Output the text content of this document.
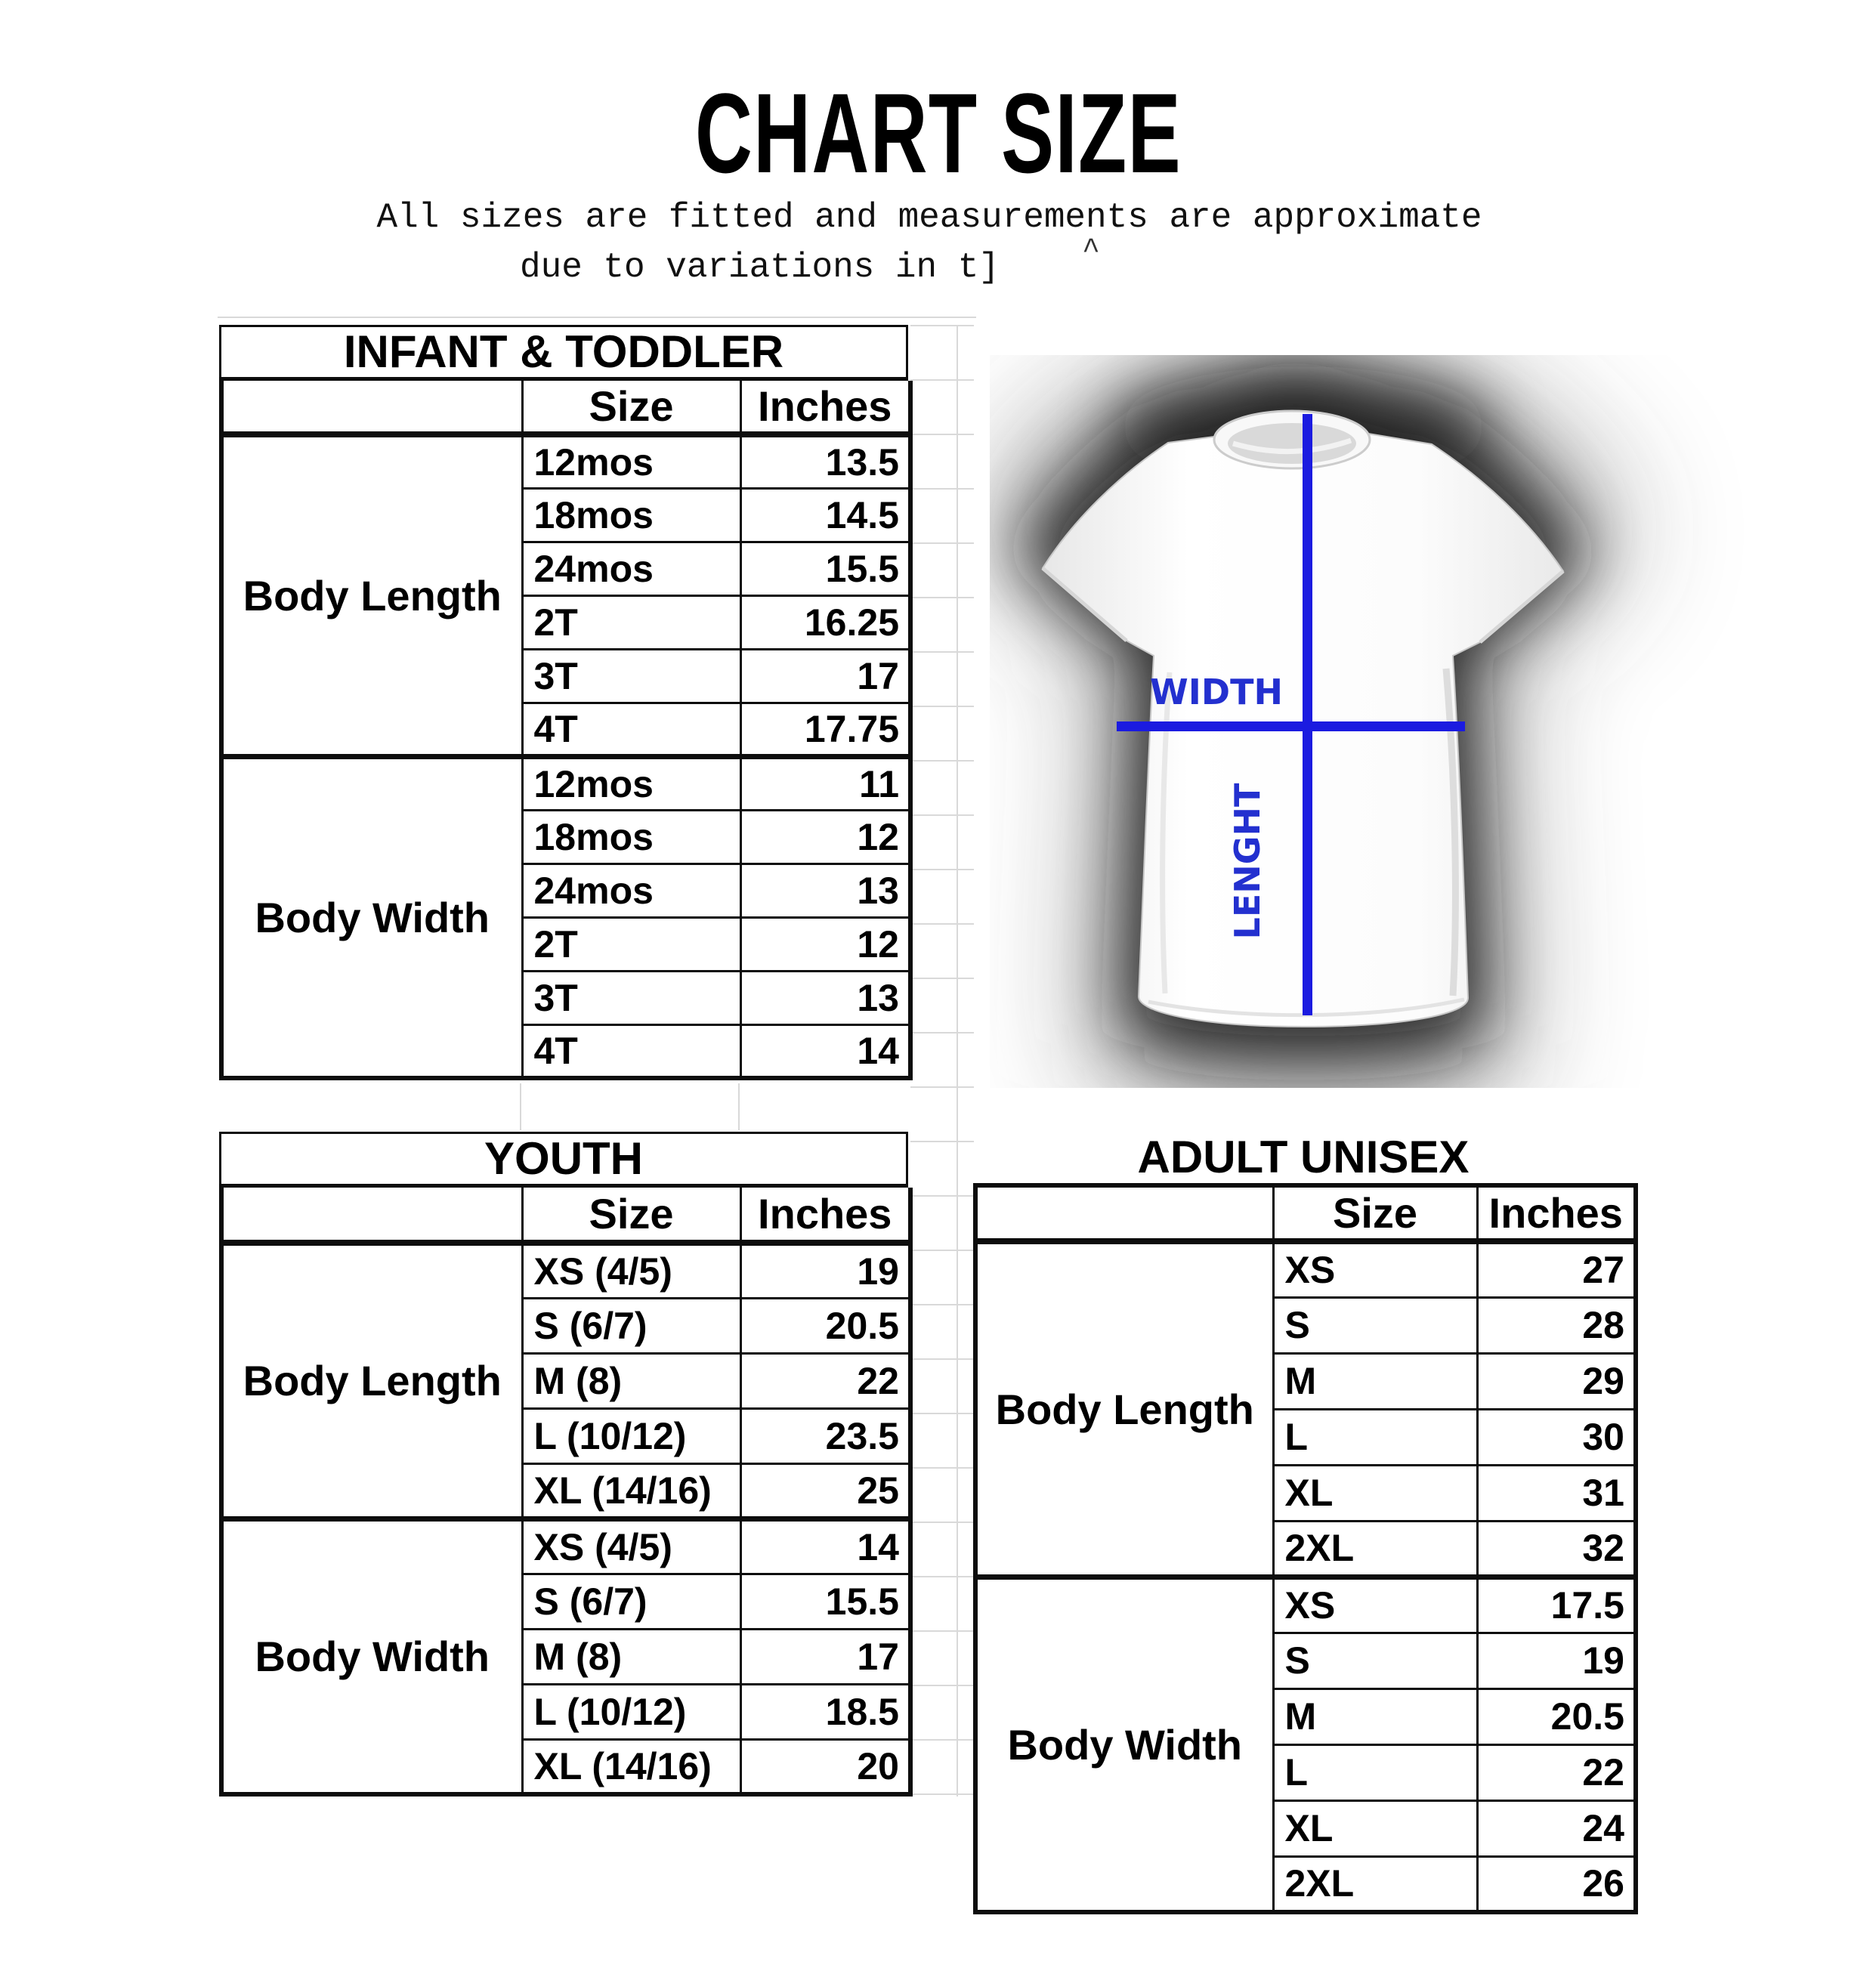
CHART SIZE
All sizes are fitted and measurements are approximate
due to variations in t]	^
INFANT & TODDLER
	Size	Inches
Body Length	12mos	13.5
	18mos	14.5
	24mos	15.5
	2T	16.25
	3T	17
	4T	17.75
Body Width	12mos	11
	18mos	12
	24mos	13
	2T	12
	3T	13
	4T	14
YOUTH
	Size	Inches
Body Length	XS (4/5)	19
	S (6/7)	20.5
	M (8)	22
	L (10/12)	23.5
	XL (14/16)	25
Body Width	XS (4/5)	14
	S (6/7)	15.5
	M (8)	17
	L (10/12)	18.5
	XL (14/16)	20
ADULT UNISEX
	Size	Inches
Body Length	XS	27
	S	28
	M	29
	L	30
	XL	31
	2XL	32
Body Width	XS	17.5
	S	19
	M	20.5
	L	22
	XL	24
	2XL	26
WIDTH
LENGHT
